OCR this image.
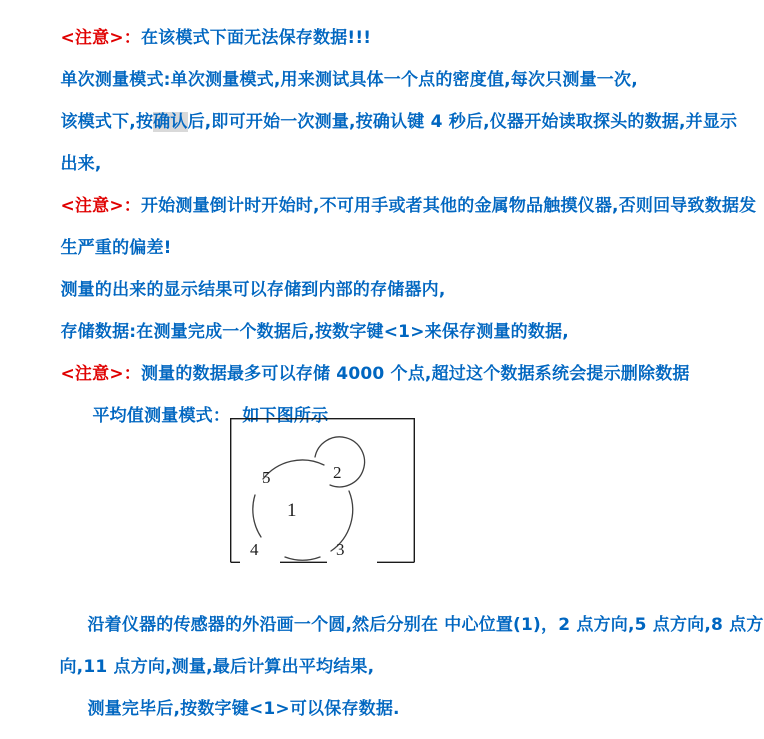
<注意>：在该模式下面无法保存数据!!!

单次测量模式:单次测量模式,用来测试具体一个点的密度值,每次只测量一次,

该模式下,按确认后,即可开始一次测量,按确认键 4 秒后,仪器开始读取探头的数据,并显示

出来,

<注意>：开始测量倒计时开始时,不可用手或者其他的金属物品触摸仪器,否则回导致数据发

生严重的偏差!

测量的出来的显示结果可以存储到内部的存储器内,

存储数据:在测量完成一个数据后,按数字键<1>来保存测量的数据,

<注意>：测量的数据最多可以存储 4000 个点,超过这个数据系统会提示删除数据

平均值测量模式：  如下图所示

1
2
5
4	3

沿着仪器的传感器的外沿画一个圆,然后分别在 中心位置(1)，2 点方向,5 点方向,8 点方

向,11 点方向,测量,最后计算出平均结果,

测量完毕后,按数字键<1>可以保存数据.
